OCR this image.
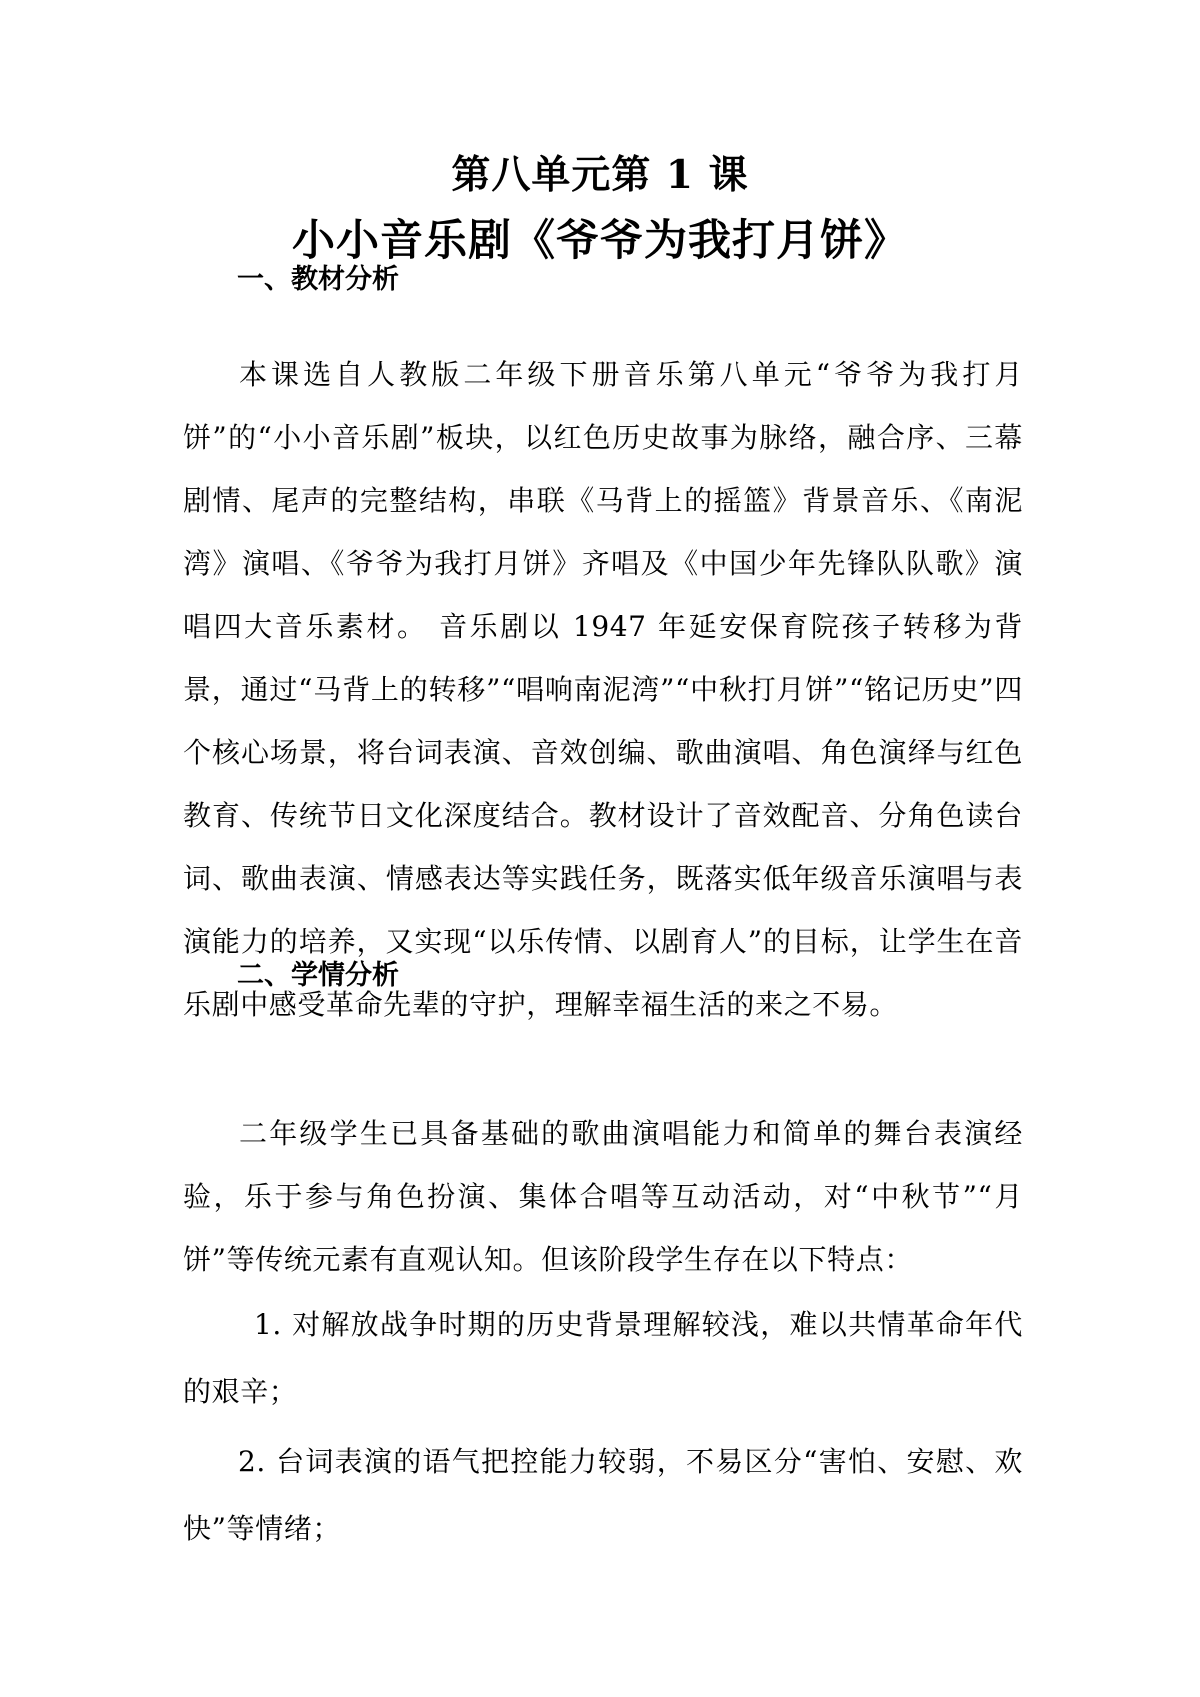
第八单元第 1 课
小小音乐剧《爷爷为我打月饼》
一、教材分析
本课选自人教版二年级下册音乐第八单元“爷爷为我打月饼”的“小小音乐剧”板块，以红色历史故事为脉络，融合序、三幕剧情、尾声的完整结构，串联《马背上的摇篮》背景音乐、《南泥湾》演唱、《爷爷为我打月饼》齐唱及《中国少年先锋队队歌》演唱四大音乐素材。 音乐剧以 1947 年延安保育院孩子转移为背景，通过“马背上的转移”“唱响南泥湾”“中秋打月饼”“铭记历史”四个核心场景，将台词表演、音效创编、歌曲演唱、角色演绎与红色教育、传统节日文化深度结合。教材设计了音效配音、分角色读台词、歌曲表演、情感表达等实践任务，既落实低年级音乐演唱与表演能力的培养，又实现“以乐传情、以剧育人”的目标，让学生在音乐剧中感受革命先辈的守护，理解幸福生活的来之不易。
二、学情分析
二年级学生已具备基础的歌曲演唱能力和简单的舞台表演经验，乐于参与角色扮演、集体合唱等互动活动，对“中秋节”“月饼”等传统元素有直观认知。但该阶段学生存在以下特点：
1. 对解放战争时期的历史背景理解较浅，难以共情革命年代的艰辛；
2. 台词表演的语气把控能力较弱，不易区分“害怕、安慰、欢快”等情绪；
